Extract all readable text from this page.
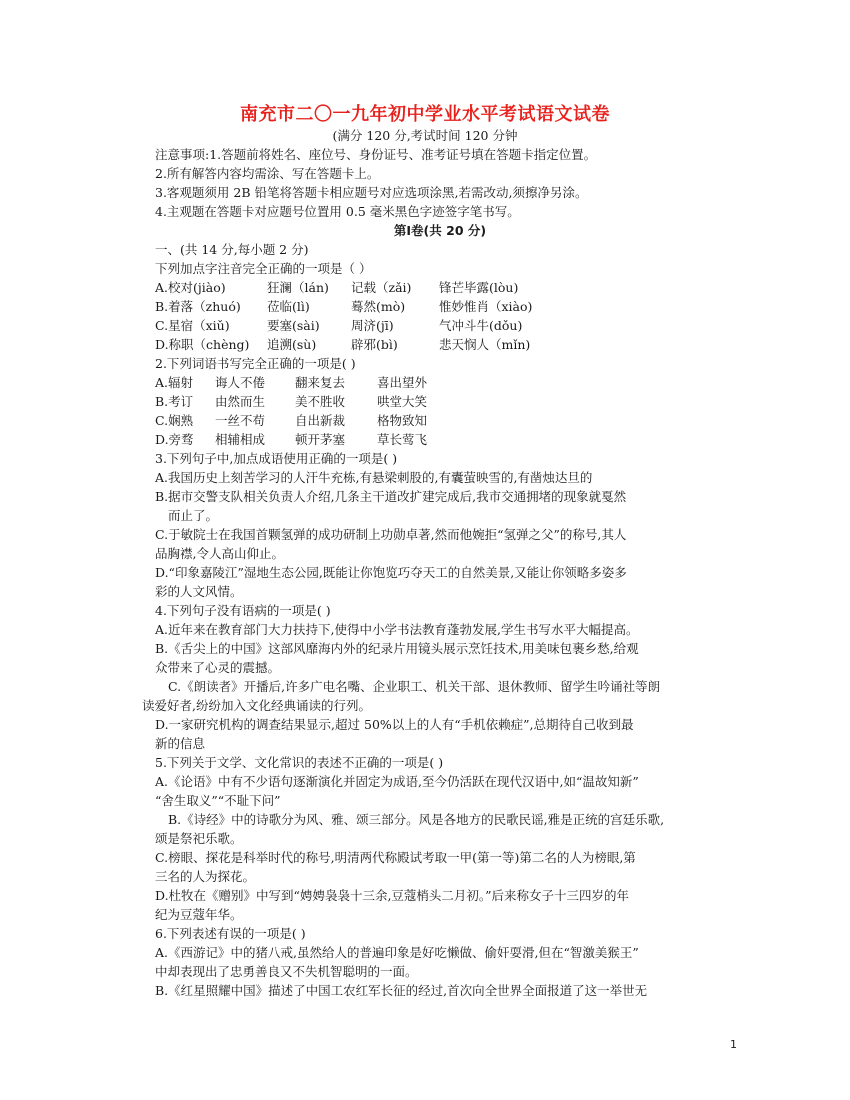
南充市二〇一九年初中学业水平考试语文试卷
(满分 120 分,考试时间 120 分钟
注意事项:1.答题前将姓名、座位号、身份证号、准考证号填在答题卡指定位置。
2.所有解答内容均需涂、写在答题卡上。
3.客观题须用 2B 铅笔将答题卡相应题号对应选项涂黑,若需改动,须擦净另涂。
4.主观题在答题卡对应题号位置用 0.5 毫米黑色字迹签字笔书写。
第Ⅰ卷(共 20 分)
一、(共 14 分,每小题 2 分)
下列加点字注音完全正确的一项是（ ）
A.校对(jiào)	狂澜（lán)	记载（zǎi)	锋芒毕露(lòu)
B.着落（zhuó)	莅临(lì)	蓦然(mò)	惟妙惟肖（xiào)
C.星宿（xiǔ)	要塞(sài)	周济(jī)	气冲斗牛(dǒu)
D.称职（chèng)	追溯(sù)	辟邪(bì)	悲天悯人（mǐn)
2.下列词语书写完全正确的一项是( )
A.辐射	诲人不倦	翻来复去	喜出望外
B.考订	由然而生	美不胜收	哄堂大笑
C.娴熟	一丝不苟	自出新裁	格物致知
D.旁骛	相辅相成	顿开茅塞	草长莺飞
3.下列句子中,加点成语使用正确的一项是( )
A.我国历史上刻苦学习的人汗牛充栋,有悬梁刺股的,有囊萤映雪的,有凿烛达旦的
B.据市交警支队相关负责人介绍,几条主干道改扩建完成后,我市交通拥堵的现象就戛然
而止了。
C.于敏院士在我国首颗氢弹的成功研制上功勋卓著,然而他婉拒“氢弹之父”的称号,其人
品胸襟,令人高山仰止。
D.“印象嘉陵江”湿地生态公园,既能让你饱览巧夺天工的自然美景,又能让你领略多姿多
彩的人文风情。
4.下列句子没有语病的一项是( )
A.近年来在教育部门大力扶持下,使得中小学书法教育蓬勃发展,学生书写水平大幅提高。
B.《舌尖上的中国》这部风靡海内外的纪录片用镜头展示烹饪技术,用美味包裹乡愁,给观
众带来了心灵的震撼。
C.《朗读者》开播后,许多广电名嘴、企业职工、机关干部、退休教师、留学生吟诵社等朗
读爱好者,纷纷加入文化经典诵读的行列。
D.一家研究机构的调查结果显示,超过 50%以上的人有“手机依赖症”,总期待自己收到最
新的信息
5.下列关于文学、文化常识的表述不正确的一项是( )
A.《论语》中有不少语句逐渐演化并固定为成语,至今仍活跃在现代汉语中,如“温故知新”
“舍生取义”“不耻下问”
B.《诗经》中的诗歌分为风、雅、颂三部分。风是各地方的民歌民谣,雅是正统的宫廷乐歌,
颂是祭祀乐歌。
C.榜眼、探花是科举时代的称号,明清两代称殿试考取一甲(第一等)第二名的人为榜眼,第
三名的人为探花。
D.杜牧在《赠别》中写到“娉娉袅袅十三余,豆蔻梢头二月初。”后来称女子十三四岁的年
纪为豆蔻年华。
6.下列表述有误的一项是( )
A.《西游记》中的猪八戒,虽然给人的普遍印象是好吃懒做、偷奸耍滑,但在“智激美猴王”
中却表现出了忠勇善良又不失机智聪明的一面。
B.《红星照耀中国》描述了中国工农红军长征的经过,首次向全世界全面报道了这一举世无
1
